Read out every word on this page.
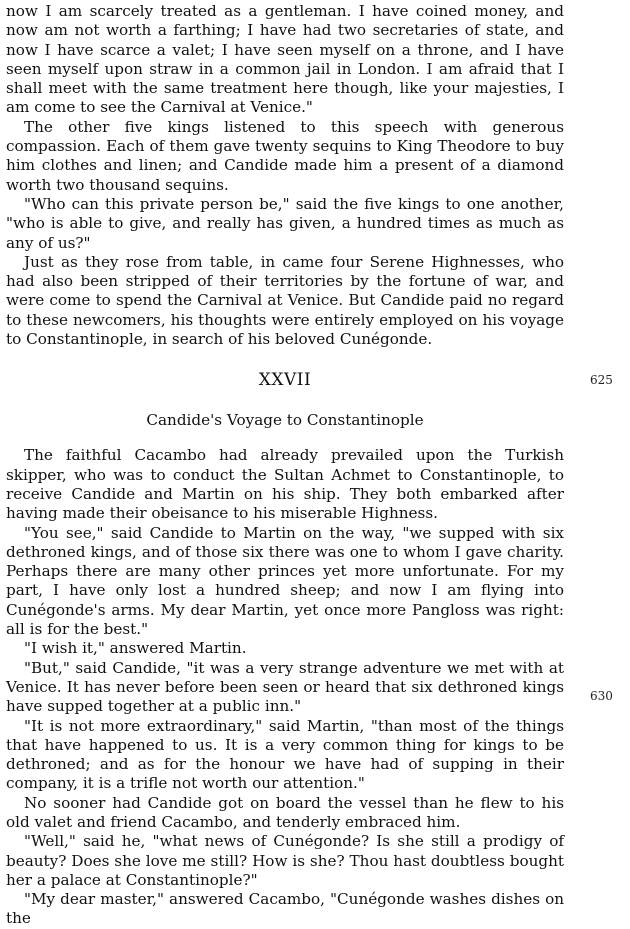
now I am scarcely treated as a gentleman. I have coined money, and now am not worth a farthing; I have had two secretaries of state, and now I have scarce a valet; I have seen myself on a throne, and I have seen myself upon straw in a common jail in London. I am afraid that I shall meet with the same treatment here though, like your majesties, I am come to see the Carnival at Venice."

The other five kings listened to this speech with generous compassion. Each of them gave twenty sequins to King Theodore to buy him clothes and linen; and Candide made him a present of a diamond worth two thousand sequins.

"Who can this private person be," said the five kings to one another, "who is able to give, and really has given, a hundred times as much as any of us?"

Just as they rose from table, in came four Serene Highnesses, who had also been stripped of their territories by the fortune of war, and were come to spend the Carnival at Venice. But Candide paid no regard to these newcomers, his thoughts were entirely employed on his voyage to Constantinople, in search of his beloved Cunégonde.

XXVII
Candide's Voyage to Constantinople

The faithful Cacambo had already prevailed upon the Turkish skipper, who was to conduct the Sultan Achmet to Constantinople, to receive Candide and Martin on his ship. They both embarked after having made their obeisance to his miserable Highness.

"You see," said Candide to Martin on the way, "we supped with six dethroned kings, and of those six there was one to whom I gave charity. Perhaps there are many other princes yet more unfortunate. For my part, I have only lost a hundred sheep; and now I am flying into Cunégonde's arms. My dear Martin, yet once more Pangloss was right: all is for the best."

"I wish it," answered Martin.

"But," said Candide, "it was a very strange adventure we met with at Venice. It has never before been seen or heard that six dethroned kings have supped together at a public inn."

"It is not more extraordinary," said Martin, "than most of the things that have happened to us. It is a very common thing for kings to be dethroned; and as for the honour we have had of supping in their company, it is a trifle not worth our attention."

No sooner had Candide got on board the vessel than he flew to his old valet and friend Cacambo, and tenderly embraced him.

"Well," said he, "what news of Cunégonde? Is she still a prodigy of beauty? Does she love me still? How is she? Thou hast doubtless bought her a palace at Constantinople?"

"My dear master," answered Cacambo, "Cunégonde washes dishes on the

625
630
